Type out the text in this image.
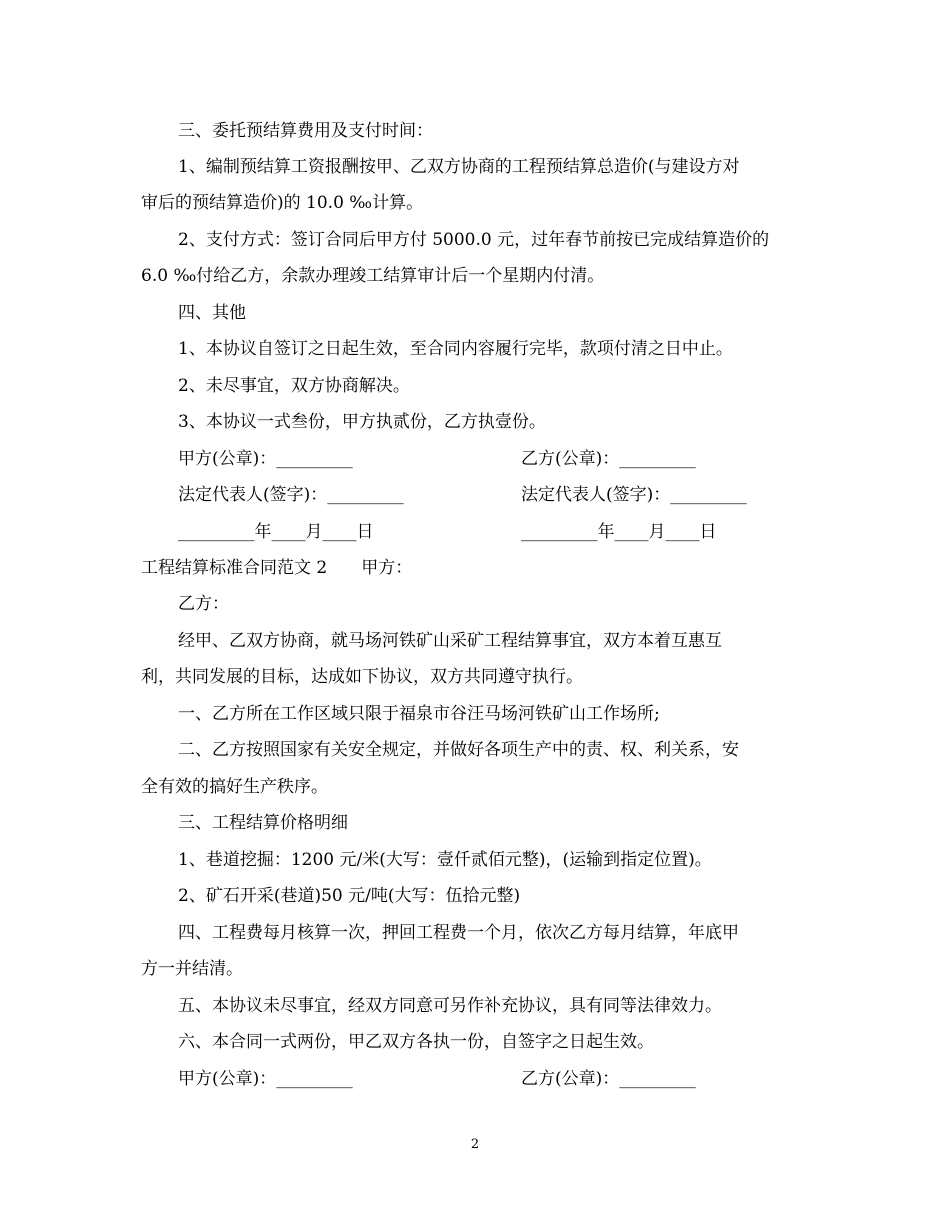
三、委托预结算费用及支付时间：
1、编制预结算工资报酬按甲、乙双方协商的工程预结算总造价(与建设方对
审后的预结算造价)的 10.0 ‰计算。
2、支付方式：签订合同后甲方付 5000.0 元，过年春节前按已完成结算造价的
6.0 ‰付给乙方，余款办理竣工结算审计后一个星期内付清。
四、其他
1、本协议自签订之日起生效，至合同内容履行完毕，款项付清之日中止。
2、未尽事宜，双方协商解决。
3、本协议一式叁份，甲方执贰份，乙方执壹份。
甲方(公章)：_________	乙方(公章)：_________
法定代表人(签字)：_________	法定代表人(签字)：_________
_________年____月____日	_________年____月____日
工程结算标准合同范文 2　　甲方：
乙方：
经甲、乙双方协商，就马场河铁矿山采矿工程结算事宜，双方本着互惠互
利，共同发展的目标，达成如下协议，双方共同遵守执行。
一、乙方所在工作区域只限于福泉市谷汪马场河铁矿山工作场所;
二、乙方按照国家有关安全规定，并做好各项生产中的责、权、利关系，安
全有效的搞好生产秩序。
三、工程结算价格明细
1、巷道挖掘：1200 元/米(大写：壹仟贰佰元整)，(运输到指定位置)。
2、矿石开采(巷道)50 元/吨(大写：伍拾元整)
四、工程费每月核算一次，押回工程费一个月，依次乙方每月结算，年底甲
方一并结清。
五、本协议未尽事宜，经双方同意可另作补充协议，具有同等法律效力。
六、本合同一式两份，甲乙双方各执一份，自签字之日起生效。
甲方(公章)：_________	乙方(公章)：_________
2
